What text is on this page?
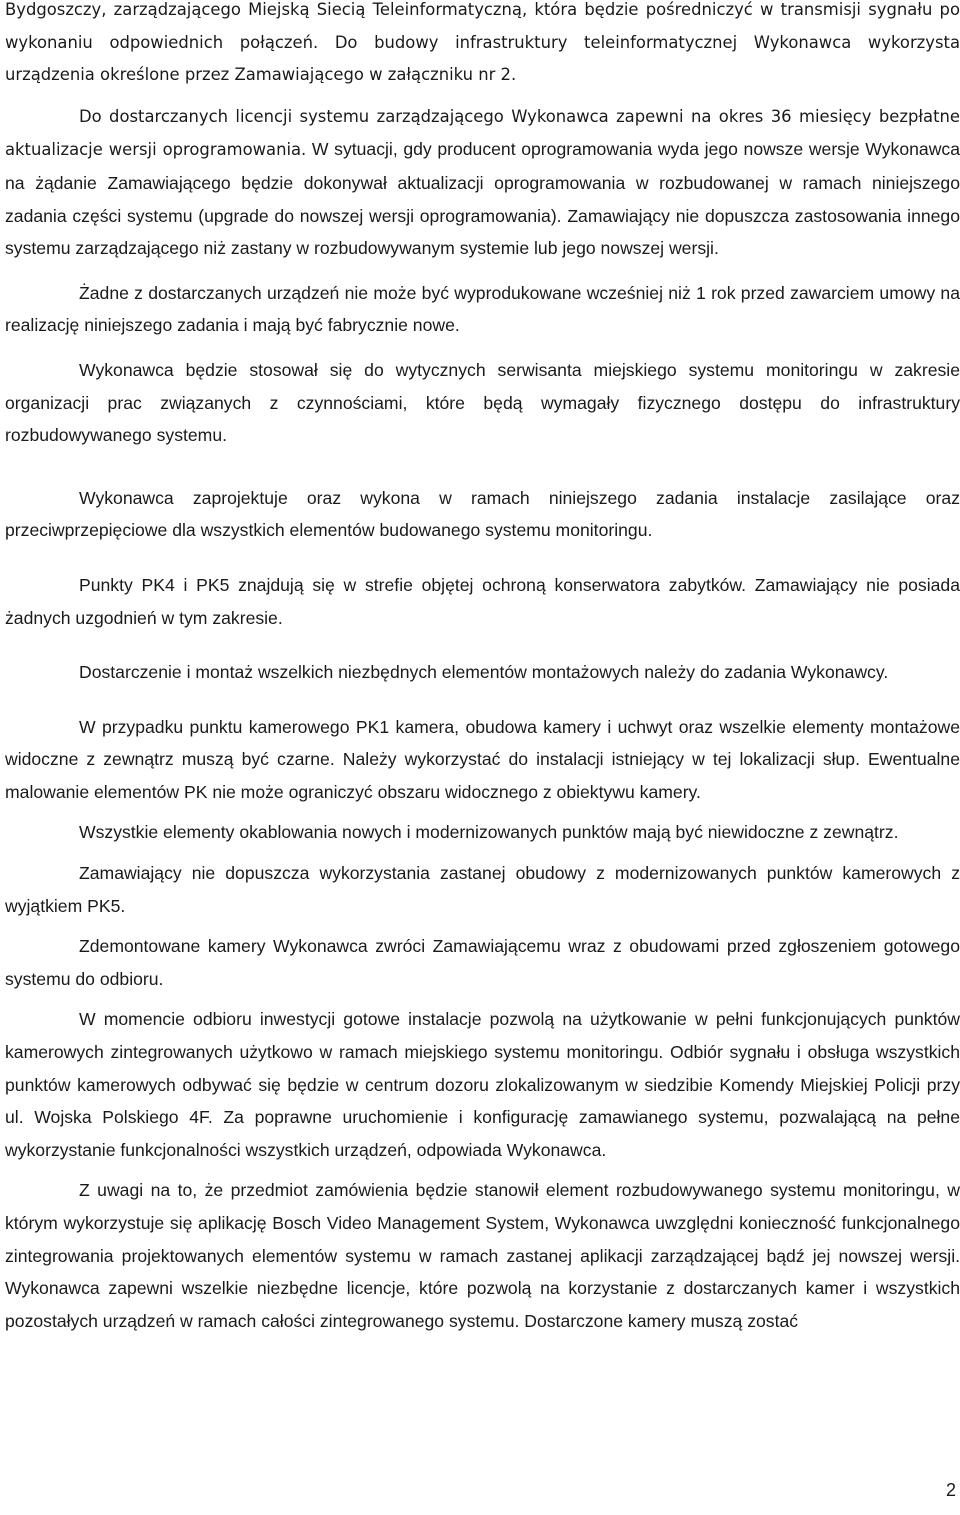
Bydgoszczy, zarządzającego Miejską Siecią Teleinformatyczną, która będzie pośredniczyć w transmisji sygnału po wykonaniu odpowiednich połączeń. Do budowy infrastruktury teleinformatycznej Wykonawca wykorzysta urządzenia określone przez Zamawiającego w załączniku nr 2.

Do dostarczanych licencji systemu zarządzającego Wykonawca zapewni na okres 36 miesięcy bezpłatne aktualizacje wersji oprogramowania. W sytuacji, gdy producent oprogramowania wyda jego nowsze wersje Wykonawca na żądanie Zamawiającego będzie dokonywał aktualizacji oprogramowania w rozbudowanej w ramach niniejszego zadania części systemu (upgrade do nowszej wersji oprogramowania). Zamawiający nie dopuszcza zastosowania innego systemu zarządzającego niż zastany w rozbudowywanym systemie lub jego nowszej wersji.

Żadne z dostarczanych urządzeń nie może być wyprodukowane wcześniej niż 1 rok przed zawarciem umowy na realizację niniejszego zadania i mają być fabrycznie nowe.

Wykonawca będzie stosował się do wytycznych serwisanta miejskiego systemu monitoringu w zakresie organizacji prac związanych z czynnościami, które będą wymagały fizycznego dostępu do infrastruktury rozbudowywanego systemu.

Wykonawca zaprojektuje oraz wykona w ramach niniejszego zadania instalacje zasilające oraz przeciwprzepięciowe dla wszystkich elementów budowanego systemu monitoringu.

Punkty PK4 i PK5 znajdują się w strefie objętej ochroną konserwatora zabytków. Zamawiający nie posiada żadnych uzgodnień w tym zakresie.

Dostarczenie i montaż wszelkich niezbędnych elementów montażowych należy do zadania Wykonawcy.

W przypadku punktu kamerowego PK1 kamera, obudowa kamery i uchwyt oraz wszelkie elementy montażowe widoczne z zewnątrz muszą być czarne. Należy wykorzystać do instalacji istniejący w tej lokalizacji słup. Ewentualne malowanie elementów PK nie może ograniczyć obszaru widocznego z obiektywu kamery.

Wszystkie elementy okablowania nowych i modernizowanych punktów mają być niewidoczne z zewnątrz.

Zamawiający nie dopuszcza wykorzystania zastanej obudowy z modernizowanych punktów kamerowych z wyjątkiem PK5.

Zdemontowane kamery Wykonawca zwróci Zamawiającemu wraz z obudowami przed zgłoszeniem gotowego systemu do odbioru.

W momencie odbioru inwestycji gotowe instalacje pozwolą na użytkowanie w pełni funkcjonujących punktów kamerowych zintegrowanych użytkowo w ramach miejskiego systemu monitoringu. Odbiór sygnału i obsługa wszystkich punktów kamerowych odbywać się będzie w centrum dozoru zlokalizowanym w siedzibie Komendy Miejskiej Policji przy ul. Wojska Polskiego 4F. Za poprawne uruchomienie i konfigurację zamawianego systemu, pozwalającą na pełne wykorzystanie funkcjonalności wszystkich urządzeń, odpowiada Wykonawca.

Z uwagi na to, że przedmiot zamówienia będzie stanowił element rozbudowywanego systemu monitoringu, w którym wykorzystuje się aplikację Bosch Video Management System, Wykonawca uwzględni konieczność funkcjonalnego zintegrowania projektowanych elementów systemu w ramach zastanej aplikacji zarządzającej bądź jej nowszej wersji. Wykonawca zapewni wszelkie niezbędne licencje, które pozwolą na korzystanie z dostarczanych kamer i wszystkich pozostałych urządzeń w ramach całości zintegrowanego systemu. Dostarczone kamery muszą zostać

2
